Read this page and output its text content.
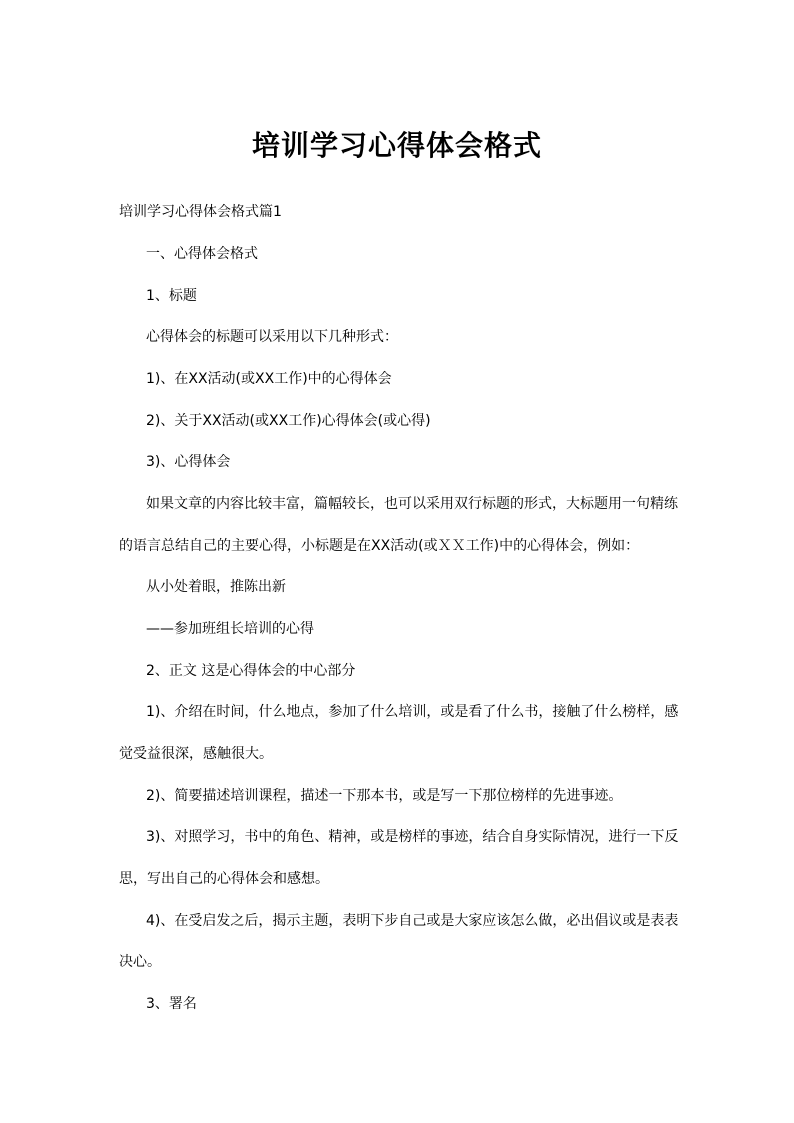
培训学习心得体会格式

培训学习心得体会格式篇1

一、心得体会格式

1、标题

心得体会的标题可以采用以下几种形式：

1)、在XX活动(或XX工作)中的心得体会

2)、关于XX活动(或XX工作)心得体会(或心得)

3)、心得体会

如果文章的内容比较丰富，篇幅较长，也可以采用双行标题的形式，大标题用一句精练

的语言总结自己的主要心得，小标题是在XX活动(或ＸＸ工作)中的心得体会，例如：

从小处着眼，推陈出新

——参加班组长培训的心得

2、正文 这是心得体会的中心部分

1)、介绍在时间，什么地点，参加了什么培训，或是看了什么书，接触了什么榜样，感

觉受益很深，感触很大。

2)、简要描述培训课程，描述一下那本书，或是写一下那位榜样的先进事迹。

3)、对照学习，书中的角色、精神，或是榜样的事迹，结合自身实际情况，进行一下反

思，写出自己的心得体会和感想。

4)、在受启发之后，揭示主题，表明下步自己或是大家应该怎么做，必出倡议或是表表

决心。

3、署名
